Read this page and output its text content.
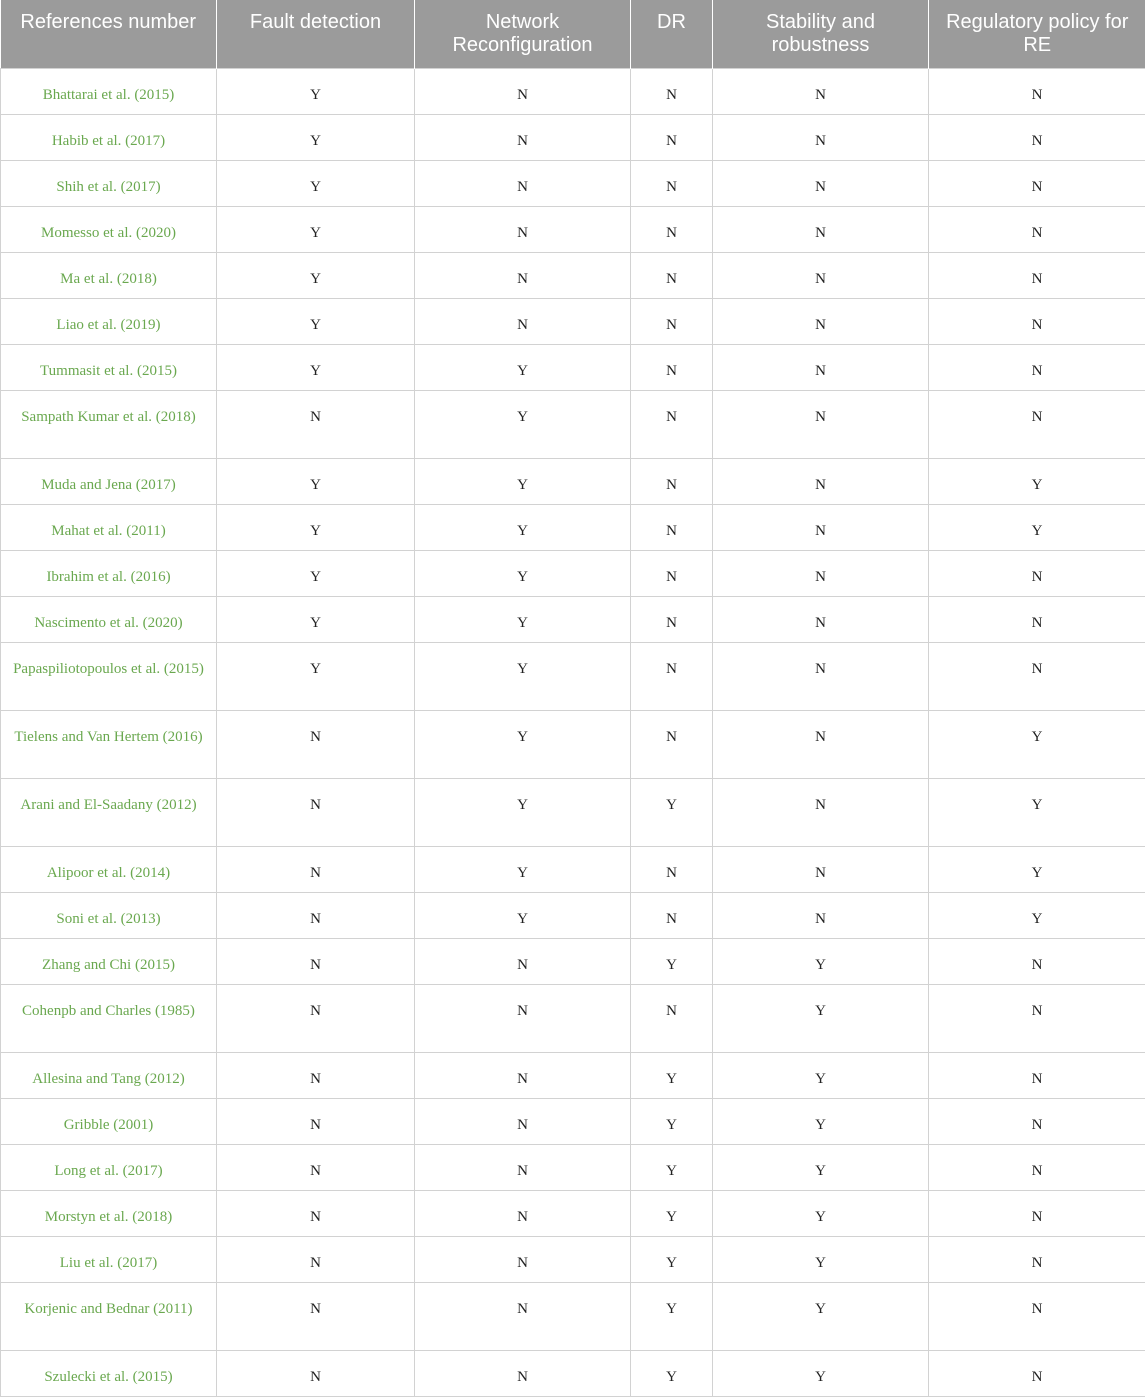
References number	Fault detection	Network Reconfiguration	DR	Stability and robustness	Regulatory policy for RE
Bhattarai et al. (2015)	Y	N	N	N	N
Habib et al. (2017)	Y	N	N	N	N
Shih et al. (2017)	Y	N	N	N	N
Momesso et al. (2020)	Y	N	N	N	N
Ma et al. (2018)	Y	N	N	N	N
Liao et al. (2019)	Y	N	N	N	N
Tummasit et al. (2015)	Y	Y	N	N	N
Sampath Kumar et al. (2018)	N	Y	N	N	N
Muda and Jena (2017)	Y	Y	N	N	Y
Mahat et al. (2011)	Y	Y	N	N	Y
Ibrahim et al. (2016)	Y	Y	N	N	N
Nascimento et al. (2020)	Y	Y	N	N	N
Papaspiliotopoulos et al. (2015)	Y	Y	N	N	N
Tielens and Van Hertem (2016)	N	Y	N	N	Y
Arani and El-Saadany (2012)	N	Y	Y	N	Y
Alipoor et al. (2014)	N	Y	N	N	Y
Soni et al. (2013)	N	Y	N	N	Y
Zhang and Chi (2015)	N	N	Y	Y	N
Cohenpb and Charles (1985)	N	N	N	Y	N
Allesina and Tang (2012)	N	N	Y	Y	N
Gribble (2001)	N	N	Y	Y	N
Long et al. (2017)	N	N	Y	Y	N
Morstyn et al. (2018)	N	N	Y	Y	N
Liu et al. (2017)	N	N	Y	Y	N
Korjenic and Bednar (2011)	N	N	Y	Y	N
Szulecki et al. (2015)	N	N	Y	Y	N
